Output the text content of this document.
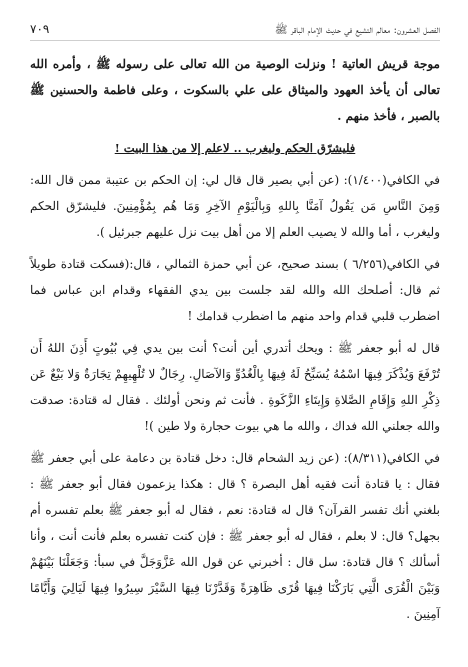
الفصل العشرون: معالم التشيع في حديث الإمام الباقر ﷺ
٧٠٩

موجة قريش العاتية ! ونزلت الوصية من الله تعالى على رسوله ﷺ ، وأمره الله تعالى أن يأخذ العهود والميثاق على علي بالسكوت ، وعلى فاطمة والحسنين ﷺ بالصبر ، فأخذ منهم .

فليشرّق الحكم وليغرب .. لاعلم إلا من هذا البيت !

في الكافي(١/٤٠٠): (عن أبي بصير قال قال لي: إن الحكم بن عتيبة ممن قال الله: وَمِنَ النَّاسِ مَن يَقُولُ آمَنَّا بِاللهِ وَبِالْيَوْمِ الآخِرِ وَمَا هُم بِمُؤْمِنِينَ. فليشرّق الحكم وليغرب ، أما والله لا يصيب العلم إلا من أهل بيت نزل عليهم جبرئيل ).

في الكافي(٦/٢٥٦ ) بسند صحيح، عن أبي حمزة الثمالي ، قال:(فسكت قتادة طويلاً ثم قال: أصلحك الله والله لقد جلست بين يدي الفقهاء وقدام ابن عباس فما اضطرب قلبي قدام واحد منهم ما اضطرب قدامك !

قال له أبو جعفر ﷺ : ويحك أتدري أين أنت؟ أنت بين يدي فِي بُيُوتٍ أَذِنَ اللهُ أَن تُرْفَعَ وَيُذْكَرَ فِيهَا اسْمُهُ يُسَبِّحُ لَهُ فِيهَا بِالْغُدُوِّ وَالآصَالِ. رِجَالٌ لا تُلْهِيهِمْ تِجَارَةٌ وَلا بَيْعٌ عَن ذِكْرِ اللهِ وَإِقَامِ الصَّلاةِ وَإِيتَاءِ الزَّكَوةِ . فأنت ثم ونحن أولئك . فقال له قتادة: صدقت والله جعلني الله فداك ، والله ما هي بيوت حجارة ولا طين )!

في الكافي(٨/٣١١): (عن زيد الشحام قال: دخل قتادة بن دعامة على أبي جعفر ﷺ فقال : يا قتادة أنت فقيه أهل البصرة ؟ قال : هكذا يزعمون فقال أبو جعفر ﷺ : بلغني أنك تفسر القرآن؟ قال له قتادة: نعم ، فقال له أبو جعفر ﷺ بعلم تفسره أم بجهل؟ قال: لا بعلم ، فقال له أبو جعفر ﷺ : فإن كنت تفسره بعلم فأنت أنت ، وأنا أسألك ؟ قال قتادة: سل قال : أخبرني عن قول الله عَزَّوَجَلَّ في سبأ: وَجَعَلْنَا بَيْنَهُمْ وَبَيْنَ الْقُرَى الَّتِي بَارَكْنَا فِيهَا قُرًى ظَاهِرَةً وَقَدَّرْنَا فِيهَا السَّيْرَ سِيرُوا فِيهَا لَيَالِيَ وَأَيَّامًا آمِنِينَ .
